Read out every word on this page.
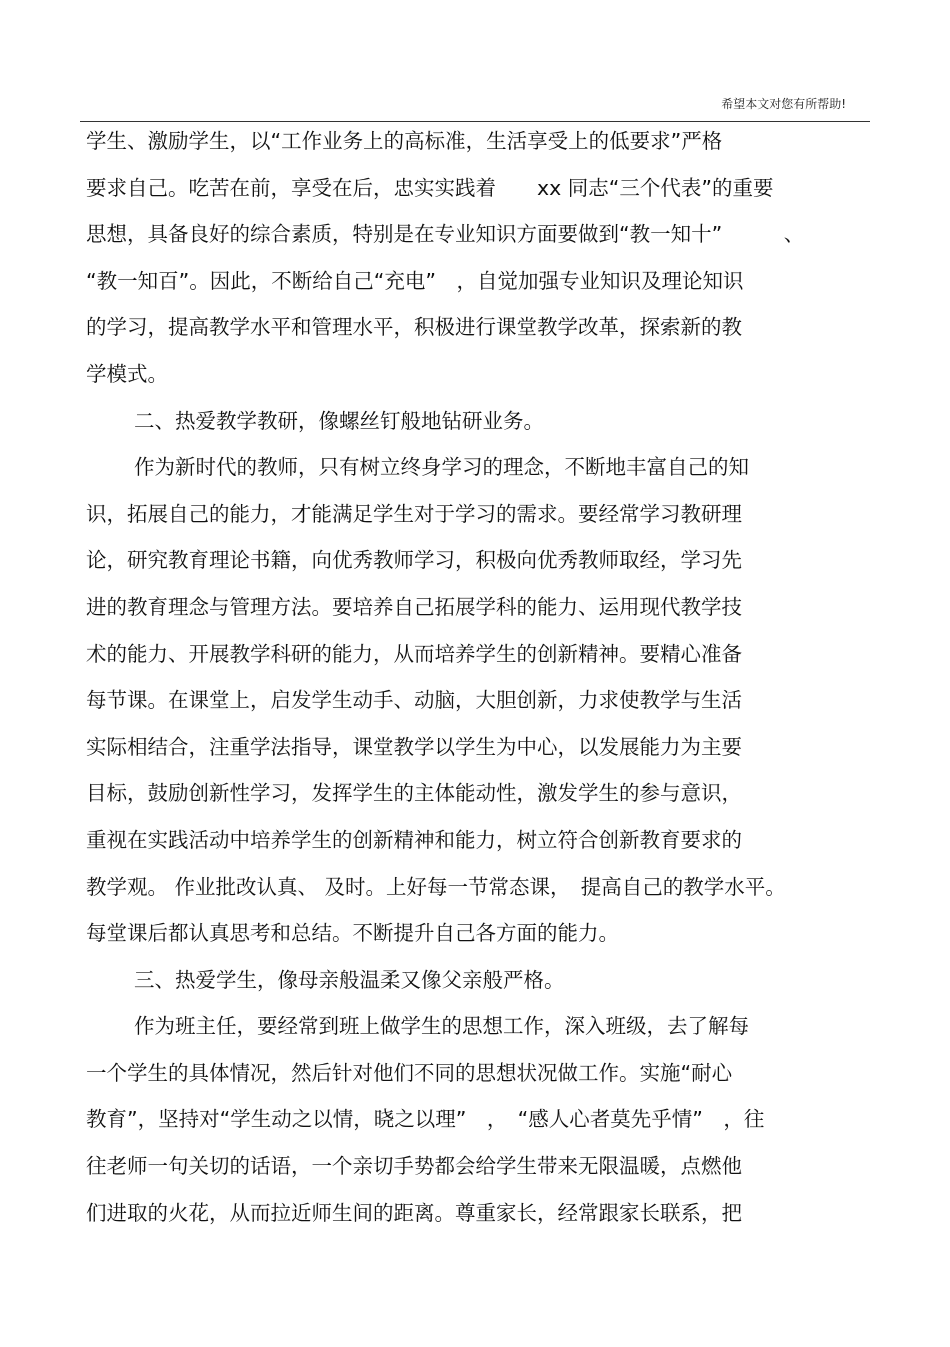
希望本文对您有所帮助!
学生、激励学生，以“工作业务上的高标准，生活享受上的低要求”严格
要求自己。吃苦在前，享受在后，忠实实践着　　xx 同志“三个代表”的重要
思想，具备良好的综合素质，特别是在专业知识方面要做到“教一知十”　　　、
“教一知百”。因此，不断给自己“充电”　，自觉加强专业知识及理论知识
的学习，提高教学水平和管理水平，积极进行课堂教学改革，探索新的教
学模式。
二、热爱教学教研，像螺丝钉般地钻研业务。
作为新时代的教师，只有树立终身学习的理念，不断地丰富自己的知
识，拓展自己的能力，才能满足学生对于学习的需求。要经常学习教研理
论，研究教育理论书籍，向优秀教师学习，积极向优秀教师取经，学习先
进的教育理念与管理方法。要培养自己拓展学科的能力、运用现代教学技
术的能力、开展教学科研的能力，从而培养学生的创新精神。要精心准备
每节课。在课堂上，启发学生动手、动脑，大胆创新，力求使教学与生活
实际相结合，注重学法指导，课堂教学以学生为中心，以发展能力为主要
目标，鼓励创新性学习，发挥学生的主体能动性，激发学生的参与意识，
重视在实践活动中培养学生的创新精神和能力，树立符合创新教育要求的
教学观。 作业批改认真、 及时。上好每一节常态课，　提高自己的教学水平。
每堂课后都认真思考和总结。不断提升自己各方面的能力。
三、热爱学生，像母亲般温柔又像父亲般严格。
作为班主任，要经常到班上做学生的思想工作，深入班级，去了解每
一个学生的具体情况，然后针对他们不同的思想状况做工作。实施“耐心
教育”，坚持对“学生动之以情，晓之以理”　，　“感人心者莫先乎情”　，往
往老师一句关切的话语，一个亲切手势都会给学生带来无限温暖，点燃他
们进取的火花，从而拉近师生间的距离。尊重家长，经常跟家长联系，把
